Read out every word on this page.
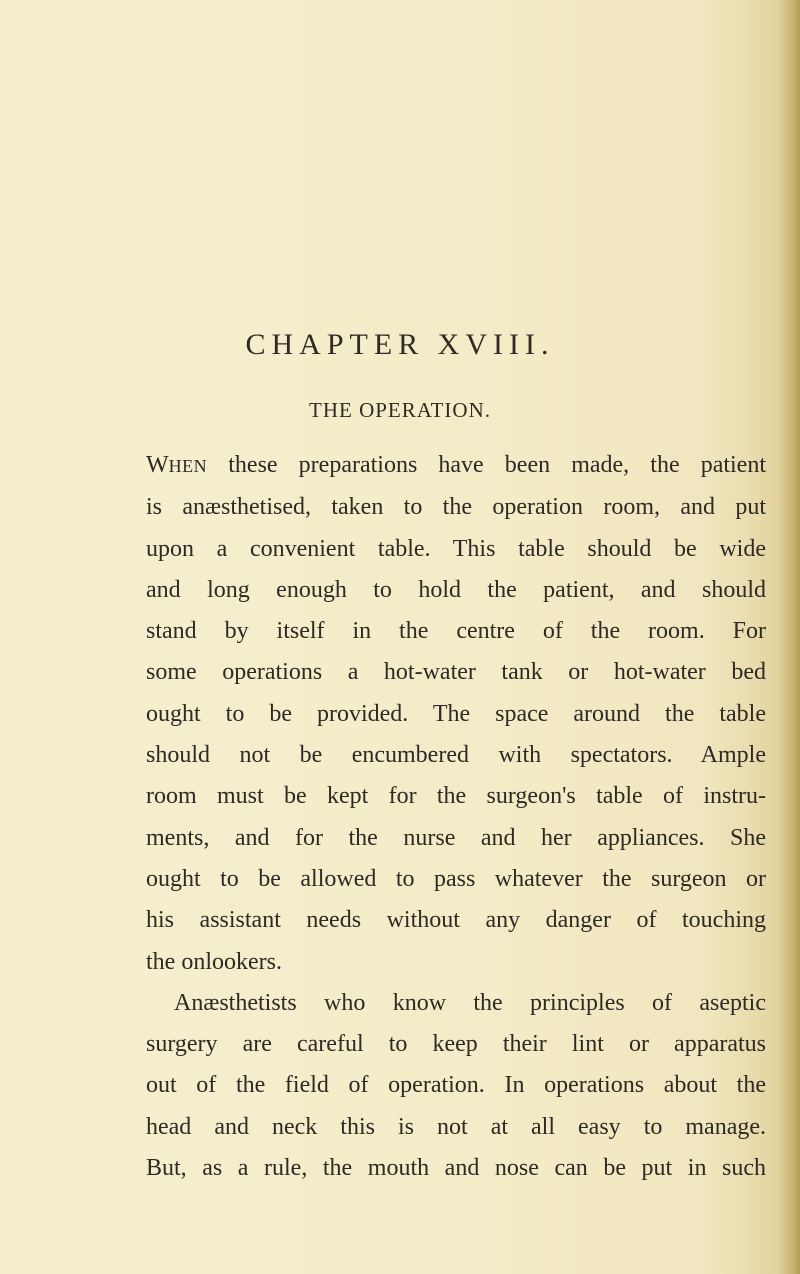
CHAPTER XVIII.
THE OPERATION.
WHEN these preparations have been made, the patient
is anæsthetised, taken to the operation room, and put
upon a convenient table. This table should be wide
and long enough to hold the patient, and should
stand by itself in the centre of the room. For
some operations a hot-water tank or hot-water bed
ought to be provided. The space around the table
should not be encumbered with spectators. Ample
room must be kept for the surgeon's table of instru-
ments, and for the nurse and her appliances. She
ought to be allowed to pass whatever the surgeon or
his assistant needs without any danger of touching
the onlookers.
Anæsthetists who know the principles of aseptic
surgery are careful to keep their lint or apparatus
out of the field of operation. In operations about the
head and neck this is not at all easy to manage.
But, as a rule, the mouth and nose can be put in such
